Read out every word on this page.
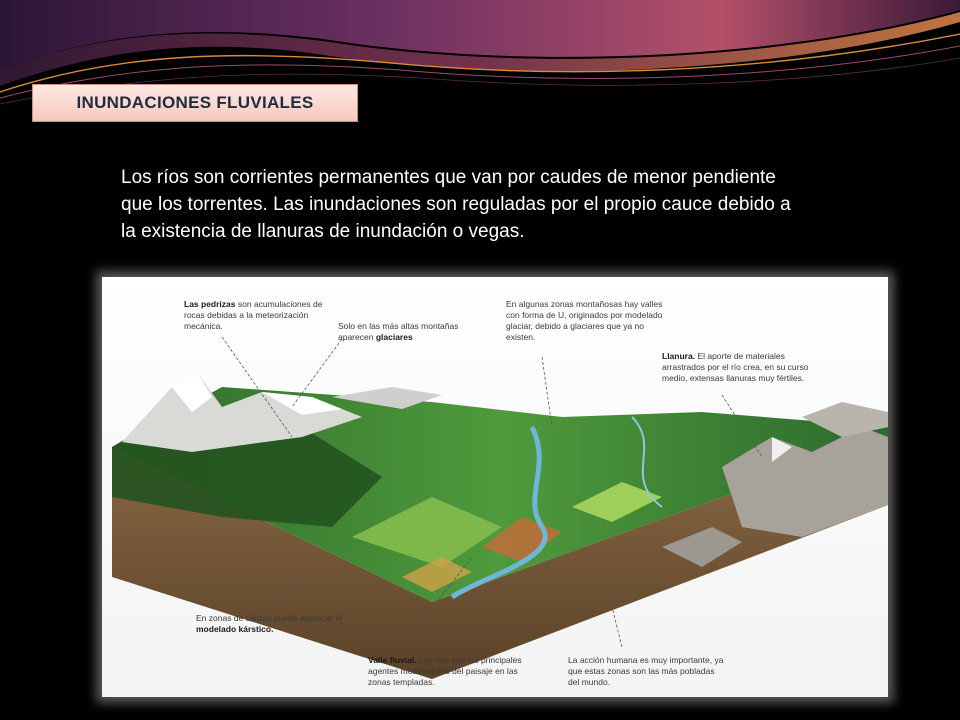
INUNDACIONES FLUVIALES

Los ríos son corrientes permanentes que van por caudes de menor pendiente

que los torrentes. Las inundaciones son reguladas por el propio cauce debido a

la existencia de llanuras de inundación o vegas.

Las pedrizas son acumulaciones de rocas debidas a la meteorización mecánica.	Solo en las más altas montañas aparecen glaciares
En algunas zonas montañosas hay valles con forma de U, originados por modelado glaciar, debido a glaciares que ya no existen.
Llanura. El aporte de materiales arrastrados por el río crea, en su curso medio, extensas llanuras muy fértiles.
En zonas de calizas puede aparecer el modelado kárstico.
Valle fluvial. Los ríos son los principales agentes modeladores del paisaje en las zonas templadas.
La acción humana es muy importante, ya que estas zonas son las más pobladas del mundo.
